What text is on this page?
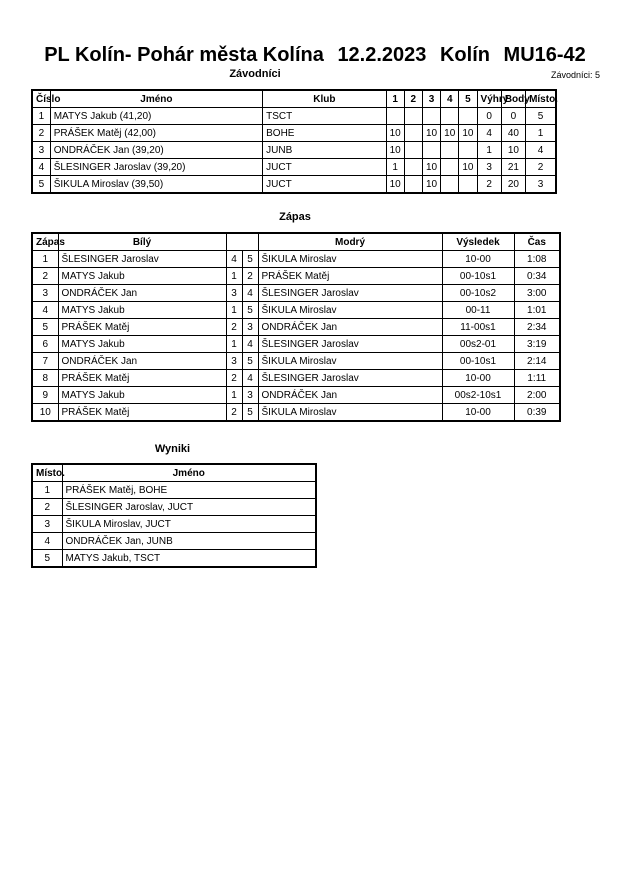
PL Kolín- Pohár města Kolína 12.2.2023 Kolín MU16-42
Závodníci	Závodníci: 5
Číslo	Jméno	Klub	1	2	3	4	5	Výhry	Body	Místo.
1	MATYS Jakub (41,20)	TSCT						0	0	5
2	PRÁŠEK Matěj (42,00)	BOHE	10		10	10	10	4	40	1
3	ONDRÁČEK Jan (39,20)	JUNB	10					1	10	4
4	ŠLESINGER Jaroslav (39,20)	JUCT	1		10		10	3	21	2
5	ŠIKULA Miroslav (39,50)	JUCT	10		10			2	20	3
Zápas
Zápas	Bílý			Modrý	Výsledek	Čas
1	ŠLESINGER Jaroslav	4	5	ŠIKULA Miroslav	10-00	1:08
2	MATYS Jakub	1	2	PRÁŠEK Matěj	00-10s1	0:34
3	ONDRÁČEK Jan	3	4	ŠLESINGER Jaroslav	00-10s2	3:00
4	MATYS Jakub	1	5	ŠIKULA Miroslav	00-11	1:01
5	PRÁŠEK Matěj	2	3	ONDRÁČEK Jan	11-00s1	2:34
6	MATYS Jakub	1	4	ŠLESINGER Jaroslav	00s2-01	3:19
7	ONDRÁČEK Jan	3	5	ŠIKULA Miroslav	00-10s1	2:14
8	PRÁŠEK Matěj	2	4	ŠLESINGER Jaroslav	10-00	1:11
9	MATYS Jakub	1	3	ONDRÁČEK Jan	00s2-10s1	2:00
10	PRÁŠEK Matěj	2	5	ŠIKULA Miroslav	10-00	0:39
Wyniki
Místo.	Jméno
1	PRÁŠEK Matěj, BOHE
2	ŠLESINGER Jaroslav, JUCT
3	ŠIKULA Miroslav, JUCT
4	ONDRÁČEK Jan, JUNB
5	MATYS Jakub, TSCT
